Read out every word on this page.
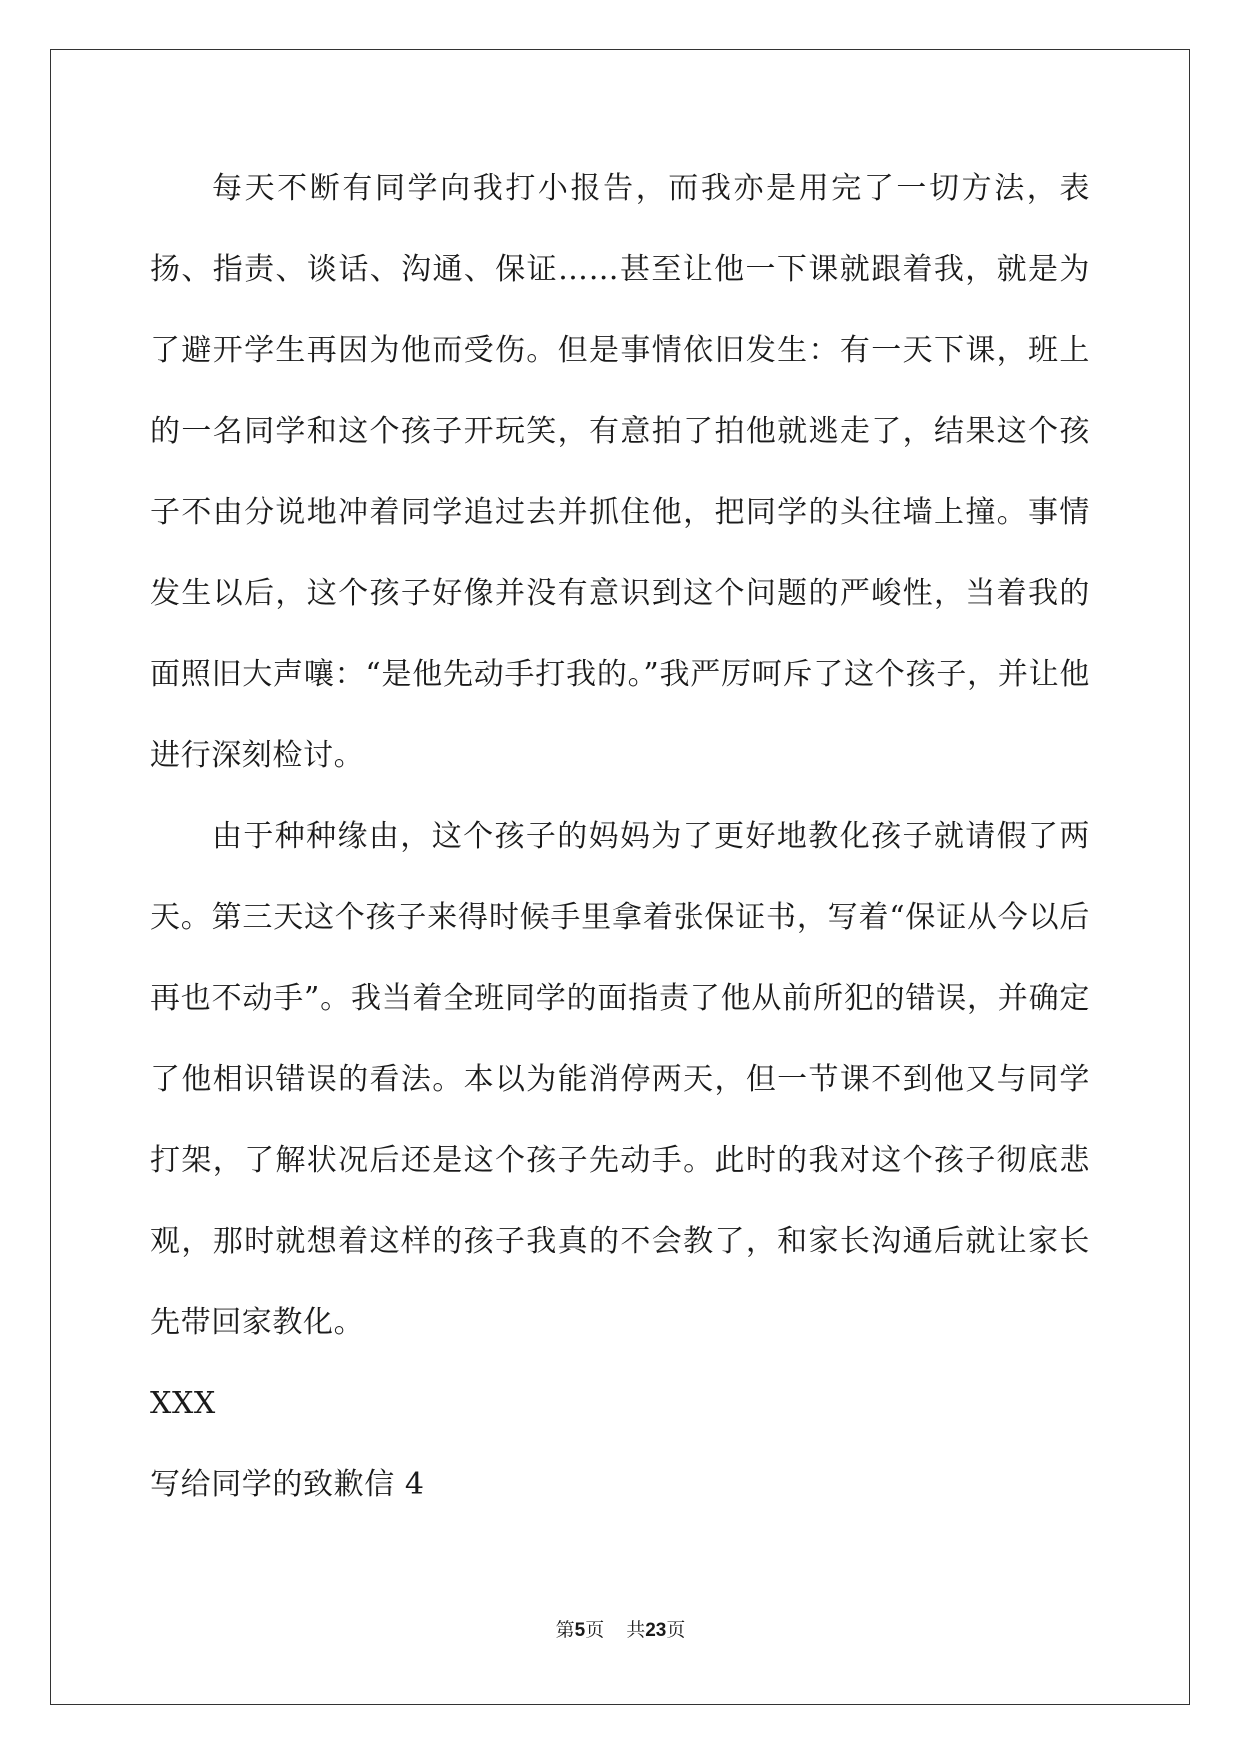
每天不断有同学向我打小报告，而我亦是用完了一切方法，表扬、指责、谈话、沟通、保证……甚至让他一下课就跟着我，就是为了避开学生再因为他而受伤。但是事情依旧发生：有一天下课，班上的一名同学和这个孩子开玩笑，有意拍了拍他就逃走了，结果这个孩子不由分说地冲着同学追过去并抓住他，把同学的头往墙上撞。事情发生以后，这个孩子好像并没有意识到这个问题的严峻性，当着我的面照旧大声嚷：“是他先动手打我的。”我严厉呵斥了这个孩子，并让他进行深刻检讨。

由于种种缘由，这个孩子的妈妈为了更好地教化孩子就请假了两天。第三天这个孩子来得时候手里拿着张保证书，写着“保证从今以后再也不动手”。我当着全班同学的面指责了他从前所犯的错误，并确定了他相识错误的看法。本以为能消停两天，但一节课不到他又与同学打架，了解状况后还是这个孩子先动手。此时的我对这个孩子彻底悲观，那时就想着这样的孩子我真的不会教了，和家长沟通后就让家长先带回家教化。

XXX

写给同学的致歉信 4

第5页 共23页
